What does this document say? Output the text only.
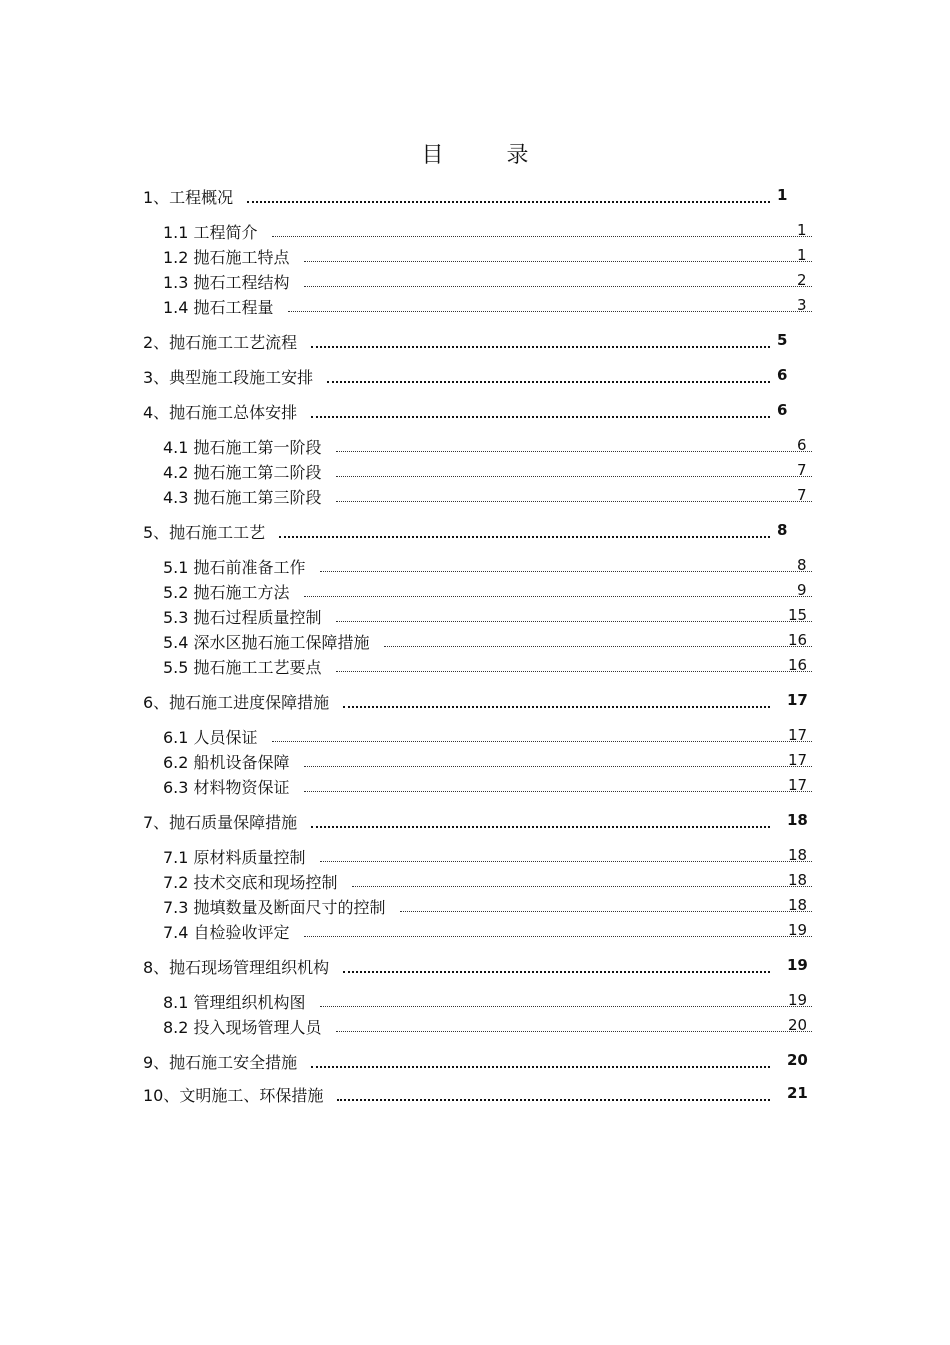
目 录
1、工程概况	1
1.1 工程简介	1
1.2 抛石施工特点	1
1.3 抛石工程结构	2
1.4 抛石工程量	3
2、抛石施工工艺流程	5
3、典型施工段施工安排	6
4、抛石施工总体安排	6
4.1 抛石施工第一阶段	6
4.2 抛石施工第二阶段	7
4.3 抛石施工第三阶段	7
5、抛石施工工艺	8
5.1 抛石前准备工作	8
5.2 抛石施工方法	9
5.3 抛石过程质量控制	15
5.4 深水区抛石施工保障措施	16
5.5 抛石施工工艺要点	16
6、抛石施工进度保障措施	17
6.1 人员保证	17
6.2 船机设备保障	17
6.3 材料物资保证	17
7、抛石质量保障措施	18
7.1 原材料质量控制	18
7.2 技术交底和现场控制	18
7.3 抛填数量及断面尺寸的控制	18
7.4 自检验收评定	19
8、抛石现场管理组织机构	19
8.1 管理组织机构图	19
8.2 投入现场管理人员	20
9、抛石施工安全措施	20
10、文明施工、环保措施	21
